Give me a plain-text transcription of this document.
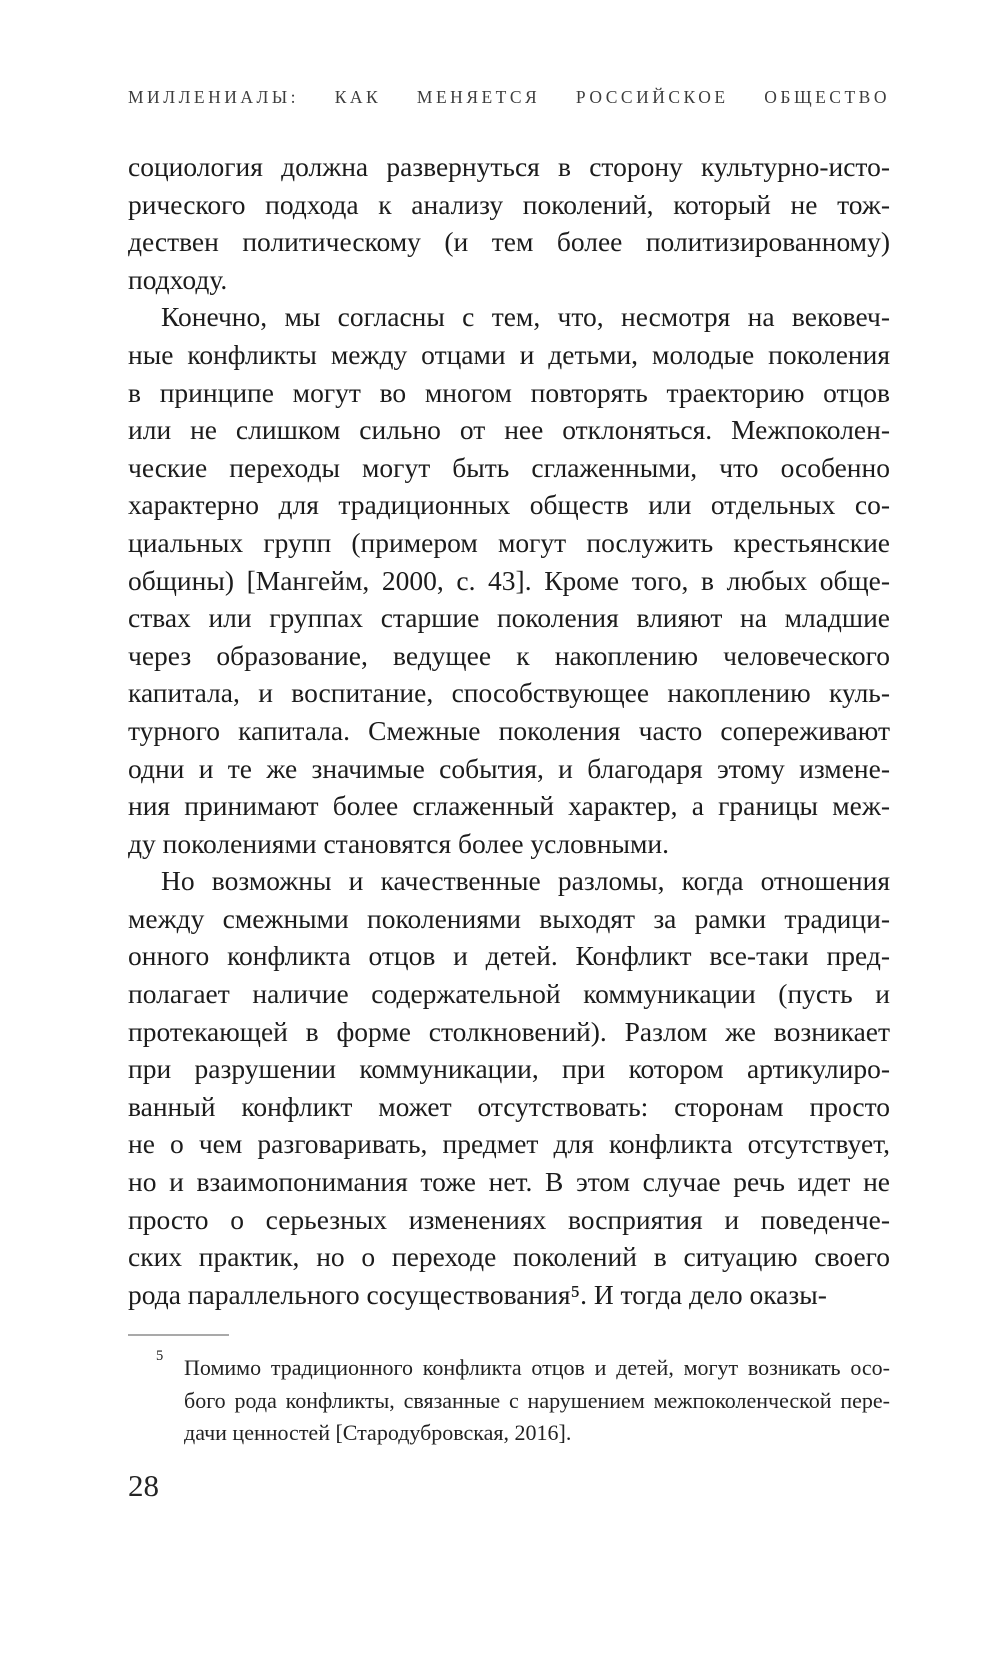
МИЛЛЕНИАЛЫ: КАК МЕНЯЕТСЯ РОССИЙСКОЕ ОБЩЕСТВО
социология должна развернуться в сторону культурно-исто-
рического подхода к анализу поколений, который не тож-
дествен политическому (и тем более политизированному)
подходу.
Конечно, мы согласны с тем, что, несмотря на вековеч-
ные конфликты между отцами и детьми, молодые поколения
в принципе могут во многом повторять траекторию отцов
или не слишком сильно от нее отклоняться. Межпоколен-
ческие переходы могут быть сглаженными, что особенно
характерно для традиционных обществ или отдельных со-
циальных групп (примером могут послужить крестьянские
общины) [Мангейм, 2000, с. 43]. Кроме того, в любых обще-
ствах или группах старшие поколения влияют на младшие
через образование, ведущее к накоплению человеческого
капитала, и воспитание, способствующее накоплению куль-
турного капитала. Смежные поколения часто сопереживают
одни и те же значимые события, и благодаря этому измене-
ния принимают более сглаженный характер, а границы меж-
ду поколениями становятся более условными.
Но возможны и качественные разломы, когда отношения
между смежными поколениями выходят за рамки традици-
онного конфликта отцов и детей. Конфликт все-таки пред-
полагает наличие содержательной коммуникации (пусть и
протекающей в форме столкновений). Разлом же возникает
при разрушении коммуникации, при котором артикулиро-
ванный конфликт может отсутствовать: сторонам просто
не о чем разговаривать, предмет для конфликта отсутствует,
но и взаимопонимания тоже нет. В этом случае речь идет не
просто о серьезных изменениях восприятия и поведенче-
ских практик, но о переходе поколений в ситуацию своего
рода параллельного сосуществования⁵. И тогда дело оказы-
5 Помимо традиционного конфликта отцов и детей, могут возникать осо-
бого рода конфликты, связанные с нарушением межпоколенческой пере-
дачи ценностей [Стародубровская, 2016].
28
